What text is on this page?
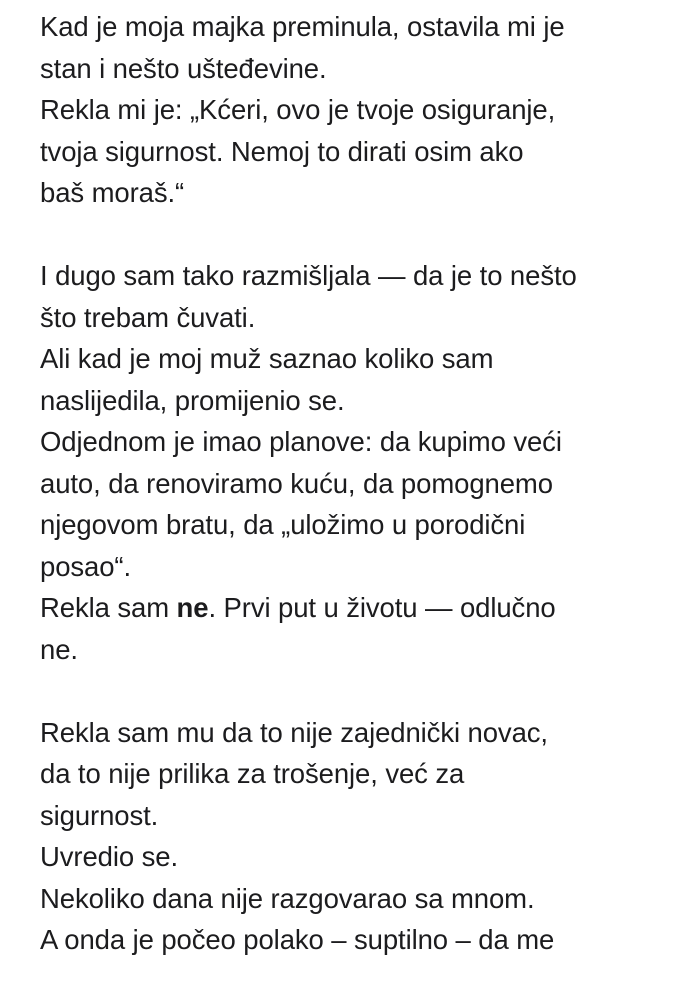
Kad je moja majka preminula, ostavila mi je
stan i nešto ušteđevine.
Rekla mi je: „Kćeri, ovo je tvoje osiguranje,
tvoja sigurnost. Nemoj to dirati osim ako
baš moraš.“
I dugo sam tako razmišljala — da je to nešto
što trebam čuvati.
Ali kad je moj muž saznao koliko sam
naslijedila, promijenio se.
Odjednom je imao planove: da kupimo veći
auto, da renoviramo kuću, da pomognemo
njegovom bratu, da „uložimo u porodični
posao“.
Rekla sam ne. Prvi put u životu — odlučno
ne.
Rekla sam mu da to nije zajednički novac,
da to nije prilika za trošenje, već za
sigurnost.
Uvredio se.
Nekoliko dana nije razgovarao sa mnom.
A onda je počeo polako – suptilno – da me
